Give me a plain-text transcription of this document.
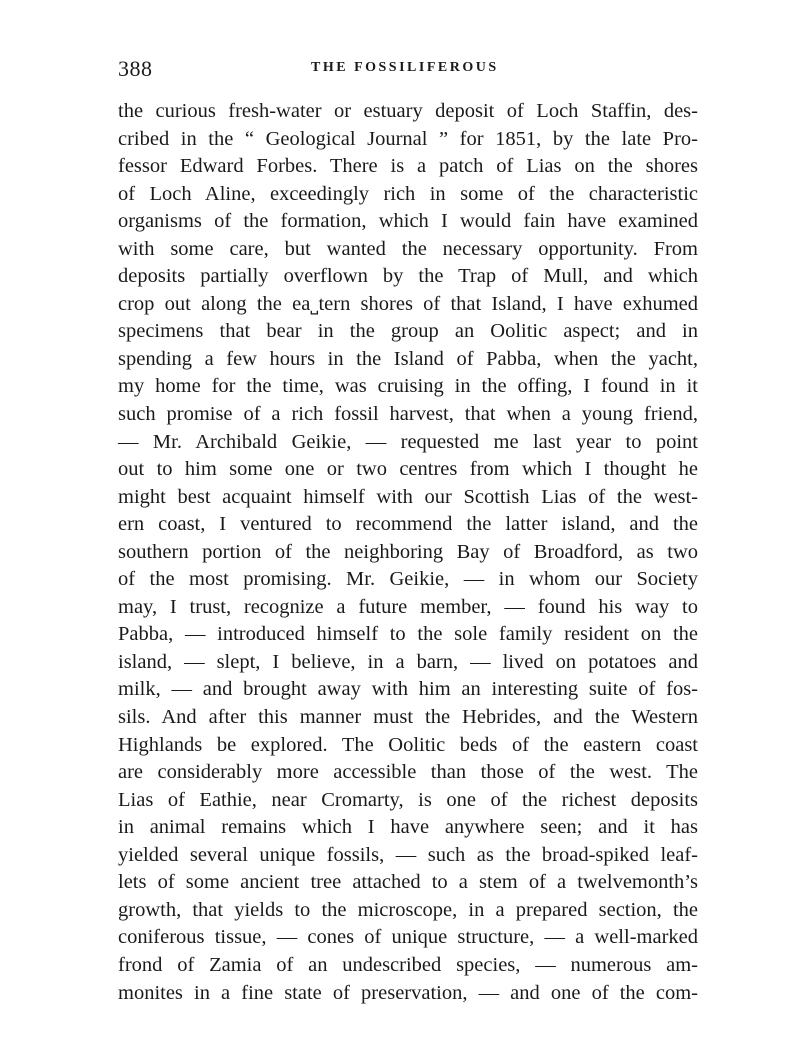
388	THE FOSSILIFEROUS
the curious fresh-water or estuary deposit of Loch Staffin, des-
cribed in the “ Geological Journal ” for 1851, by the late Pro-
fessor Edward Forbes. There is a patch of Lias on the shores
of Loch Aline, exceedingly rich in some of the characteristic
organisms of the formation, which I would fain have examined
with some care, but wanted the necessary opportunity. From
deposits partially overflown by the Trap of Mull, and which
crop out along the ea˽tern shores of that Island, I have exhumed
specimens that bear in the group an Oolitic aspect; and in
spending a few hours in the Island of Pabba, when the yacht,
my home for the time, was cruising in the offing, I found in it
such promise of a rich fossil harvest, that when a young friend,
— Mr. Archibald Geikie, — requested me last year to point
out to him some one or two centres from which I thought he
might best acquaint himself with our Scottish Lias of the west-
ern coast, I ventured to recommend the latter island, and the
southern portion of the neighboring Bay of Broadford, as two
of the most promising. Mr. Geikie, — in whom our Society
may, I trust, recognize a future member, — found his way to
Pabba, — introduced himself to the sole family resident on the
island, — slept, I believe, in a barn, — lived on potatoes and
milk, — and brought away with him an interesting suite of fos-
sils. And after this manner must the Hebrides, and the Western
Highlands be explored. The Oolitic beds of the eastern coast
are considerably more accessible than those of the west. The
Lias of Eathie, near Cromarty, is one of the richest deposits
in animal remains which I have anywhere seen; and it has
yielded several unique fossils, — such as the broad-spiked leaf-
lets of some ancient tree attached to a stem of a twelvemonth’s
growth, that yields to the microscope, in a prepared section, the
coniferous tissue, — cones of unique structure, — a well-marked
frond of Zamia of an undescribed species, — numerous am-
monites in a fine state of preservation, — and one of the com-
